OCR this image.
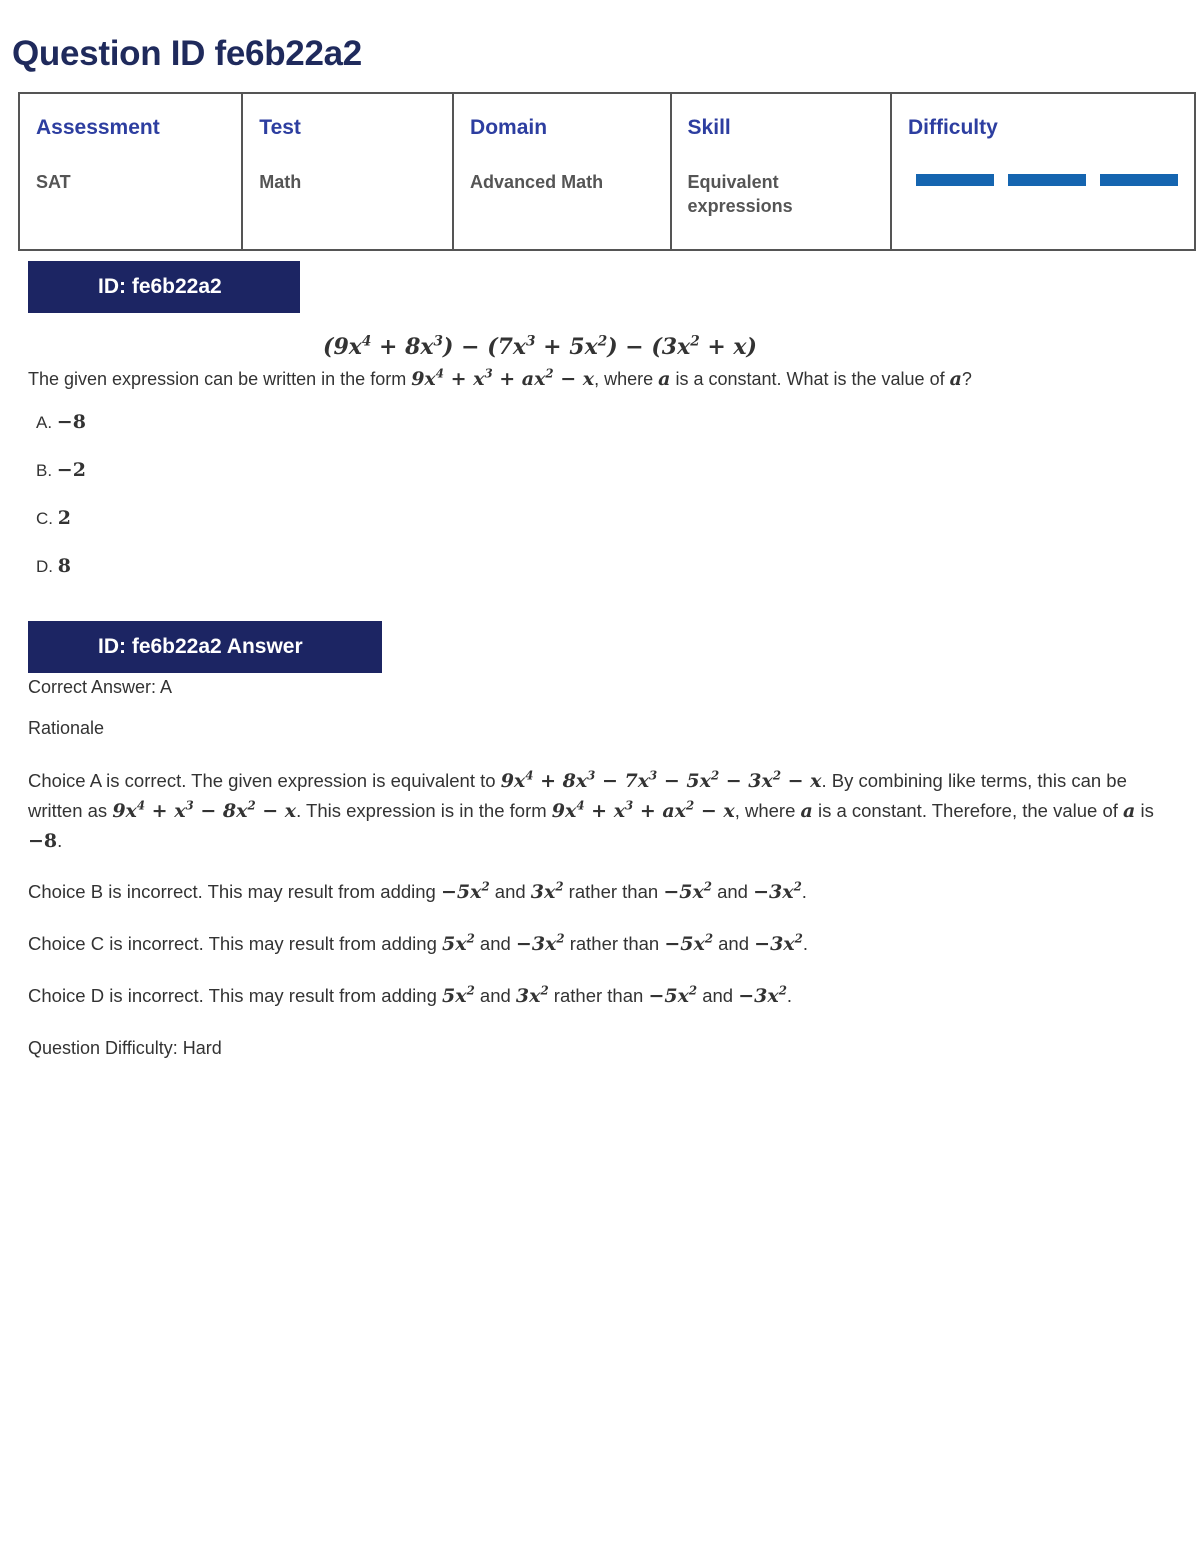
Question ID fe6b22a2
Assessment
SAT

Test
Math

Domain
Advanced Math

Skill
Equivalent
expressions

Difficulty
ID: fe6b22a2
$(9x^4 + 8x^3) - (7x^3 + 5x^2) - (3x^2 + x)$
The given expression can be written in the form $9x^4 + x^3 + ax^2 - x$, where a is a constant. What is the value of a?
A. −8
B. −2
C. 2
D. 8
ID: fe6b22a2 Answer
Correct Answer: A
Rationale
Choice A is correct. The given expression is equivalent to $9x^4 + 8x^3 - 7x^3 - 5x^2 - 3x^2 - x$. By combining like terms, this can be written as $9x^4 + x^3 - 8x^2 - x$. This expression is in the form $9x^4 + x^3 + ax^2 - x$, where a is a constant. Therefore, the value of a is −8.
Choice B is incorrect. This may result from adding $-5x^2$ and $3x^2$ rather than $-5x^2$ and $-3x^2$.
Choice C is incorrect. This may result from adding $5x^2$ and $-3x^2$ rather than $-5x^2$ and $-3x^2$.
Choice D is incorrect. This may result from adding $5x^2$ and $3x^2$ rather than $-5x^2$ and $-3x^2$.
Question Difficulty: Hard
